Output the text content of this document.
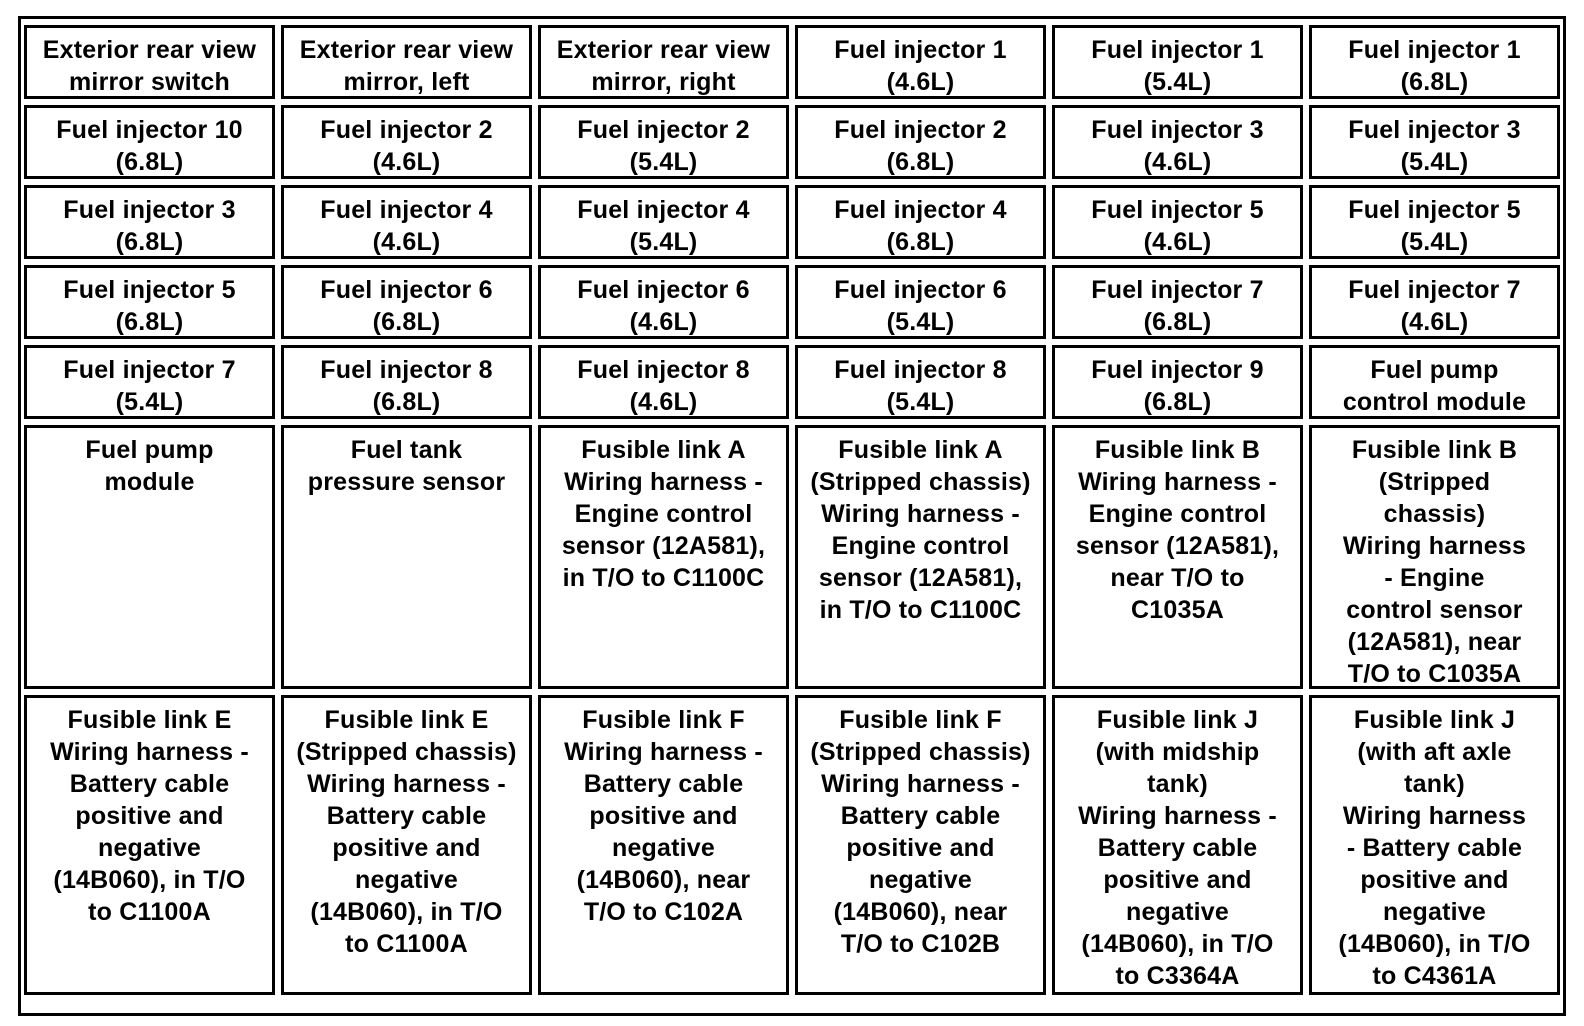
Exterior rear view
mirror switch
Exterior rear view
mirror, left
Exterior rear view
mirror, right
Fuel injector 1
(4.6L)
Fuel injector 1
(5.4L)
Fuel injector 1
(6.8L)
Fuel injector 10
(6.8L)
Fuel injector 2
(4.6L)
Fuel injector 2
(5.4L)
Fuel injector 2
(6.8L)
Fuel injector 3
(4.6L)
Fuel injector 3
(5.4L)
Fuel injector 3
(6.8L)
Fuel injector 4
(4.6L)
Fuel injector 4
(5.4L)
Fuel injector 4
(6.8L)
Fuel injector 5
(4.6L)
Fuel injector 5
(5.4L)
Fuel injector 5
(6.8L)
Fuel injector 6
(6.8L)
Fuel injector 6
(4.6L)
Fuel injector 6
(5.4L)
Fuel injector 7
(6.8L)
Fuel injector 7
(4.6L)
Fuel injector 7
(5.4L)
Fuel injector 8
(6.8L)
Fuel injector 8
(4.6L)
Fuel injector 8
(5.4L)
Fuel injector 9
(6.8L)
Fuel pump
control module
Fuel pump
module
Fuel tank
pressure sensor
Fusible link A
Wiring harness -
Engine control
sensor (12A581),
in T/O to C1100C
Fusible link A
(Stripped chassis)
Wiring harness -
Engine control
sensor (12A581),
in T/O to C1100C
Fusible link B
Wiring harness -
Engine control
sensor (12A581),
near T/O to
C1035A
Fusible link B
(Stripped
chassis)
Wiring harness
- Engine
control sensor
(12A581), near
T/O to C1035A
Fusible link E
Wiring harness -
Battery cable
positive and
negative
(14B060), in T/O
to C1100A
Fusible link E
(Stripped chassis)
Wiring harness -
Battery cable
positive and
negative
(14B060), in T/O
to C1100A
Fusible link F
Wiring harness -
Battery cable
positive and
negative
(14B060), near
T/O to C102A
Fusible link F
(Stripped chassis)
Wiring harness -
Battery cable
positive and
negative
(14B060), near
T/O to C102B
Fusible link J
(with midship
tank)
Wiring harness -
Battery cable
positive and
negative
(14B060), in T/O
to C3364A
Fusible link J
(with aft axle
tank)
Wiring harness
- Battery cable
positive and
negative
(14B060), in T/O
to C4361A
